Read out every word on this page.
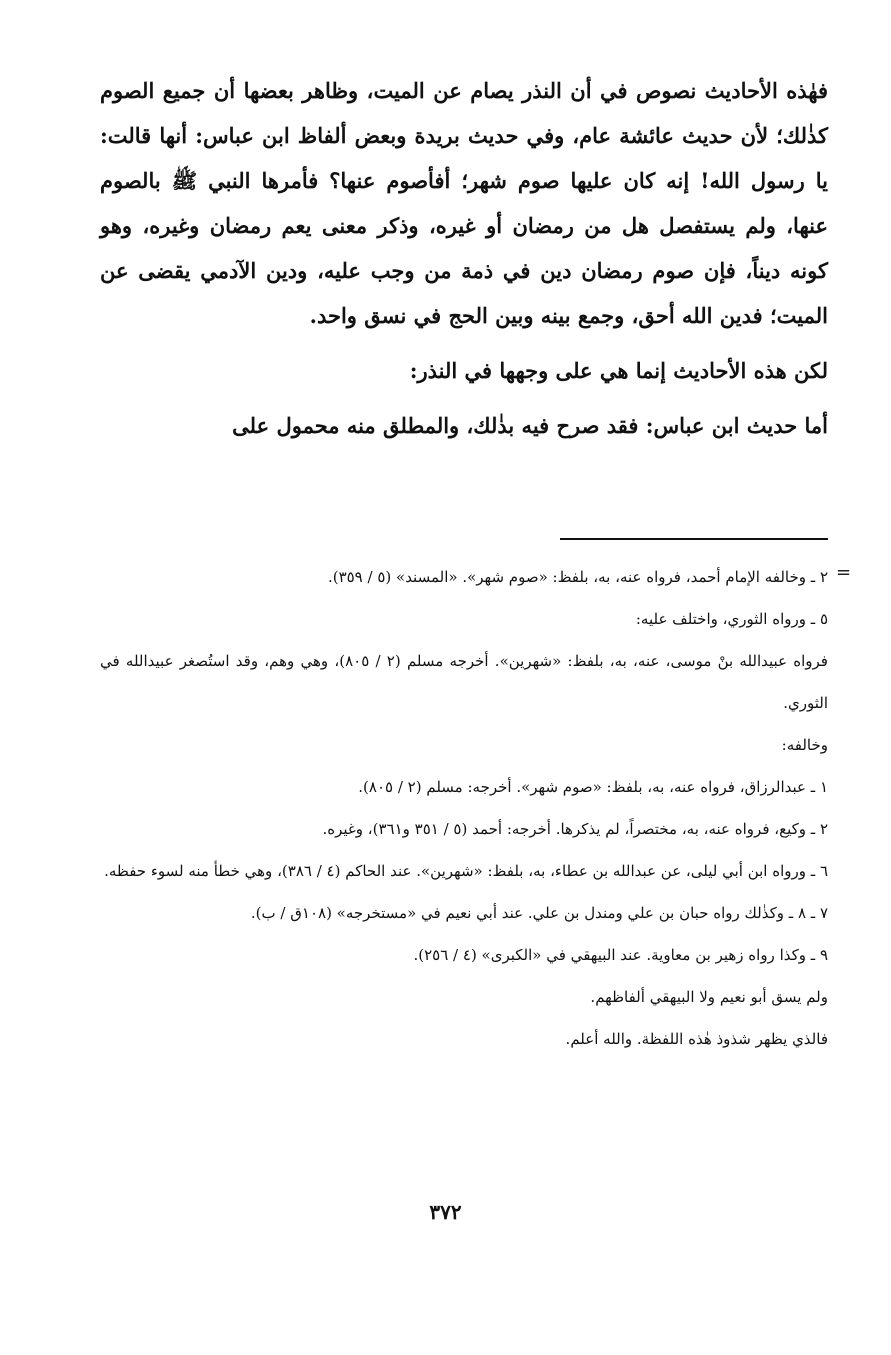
فهٰذه الأحاديث نصوص في أن النذر يصام عن الميت، وظاهر بعضها أن جميع الصوم كذٰلك؛ لأن حديث عائشة عام، وفي حديث بريدة وبعض ألفاظ ابن عباس: أنها قالت: يا رسول الله! إنه كان عليها صوم شهر؛ أفأصوم عنها؟ فأمرها النبي ﷺ بالصوم عنها، ولم يستفصل هل من رمضان أو غيره، وذكر معنى يعم رمضان وغيره، وهو كونه ديناً، فإن صوم رمضان دين في ذمة من وجب عليه، ودين الآدمي يقضى عن الميت؛ فدين الله أحق، وجمع بينه وبين الحج في نسق واحد.

لكن هذه الأحاديث إنما هي على وجهها في النذر:

أما حديث ابن عباس: فقد صرح فيه بذٰلك، والمطلق منه محمول على

=

٢ ـ وخالفه الإمام أحمد، فرواه عنه، به، بلفظ: «صوم شهر». «المسند» (٥ / ٣٥٩).

٥ ـ ورواه الثوري، واختلف عليه:

فرواه عبيدالله بنْ موسى، عنه، به، بلفظ: «شهرين». أخرجه مسلم (٢ / ٨٠٥)، وهي وهم، وقد استُصغر عبيدالله في الثوري.

وخالفه:

١ ـ عبدالرزاق، فرواه عنه، به، بلفظ: «صوم شهر». أخرجه: مسلم (٢ / ٨٠٥).

٢ ـ وكيع، فرواه عنه، به، مختصراً، لم يذكرها. أخرجه: أحمد (٥ / ٣٥١ و٣٦١)، وغيره.

٦ ـ ورواه ابن أبي ليلى، عن عبدالله بن عطاء، به، بلفظ: «شهرين». عند الحاكم (٤ / ٣٨٦)، وهي خطأ منه لسوء حفظه.

٧ ـ ٨ ـ وكذٰلك رواه حبان بن علي ومندل بن علي. عند أبي نعيم في «مستخرجه» (١٠٨ق / ب).

٩ ـ وكذا رواه زهير بن معاوية. عند البيهقي في «الكبرى» (٤ / ٢٥٦).

ولم يسق أبو نعيم ولا البيهقي ألفاظهم.

فالذي يظهر شذوذ هٰذه اللفظة. والله أعلم.

٣٧٢
